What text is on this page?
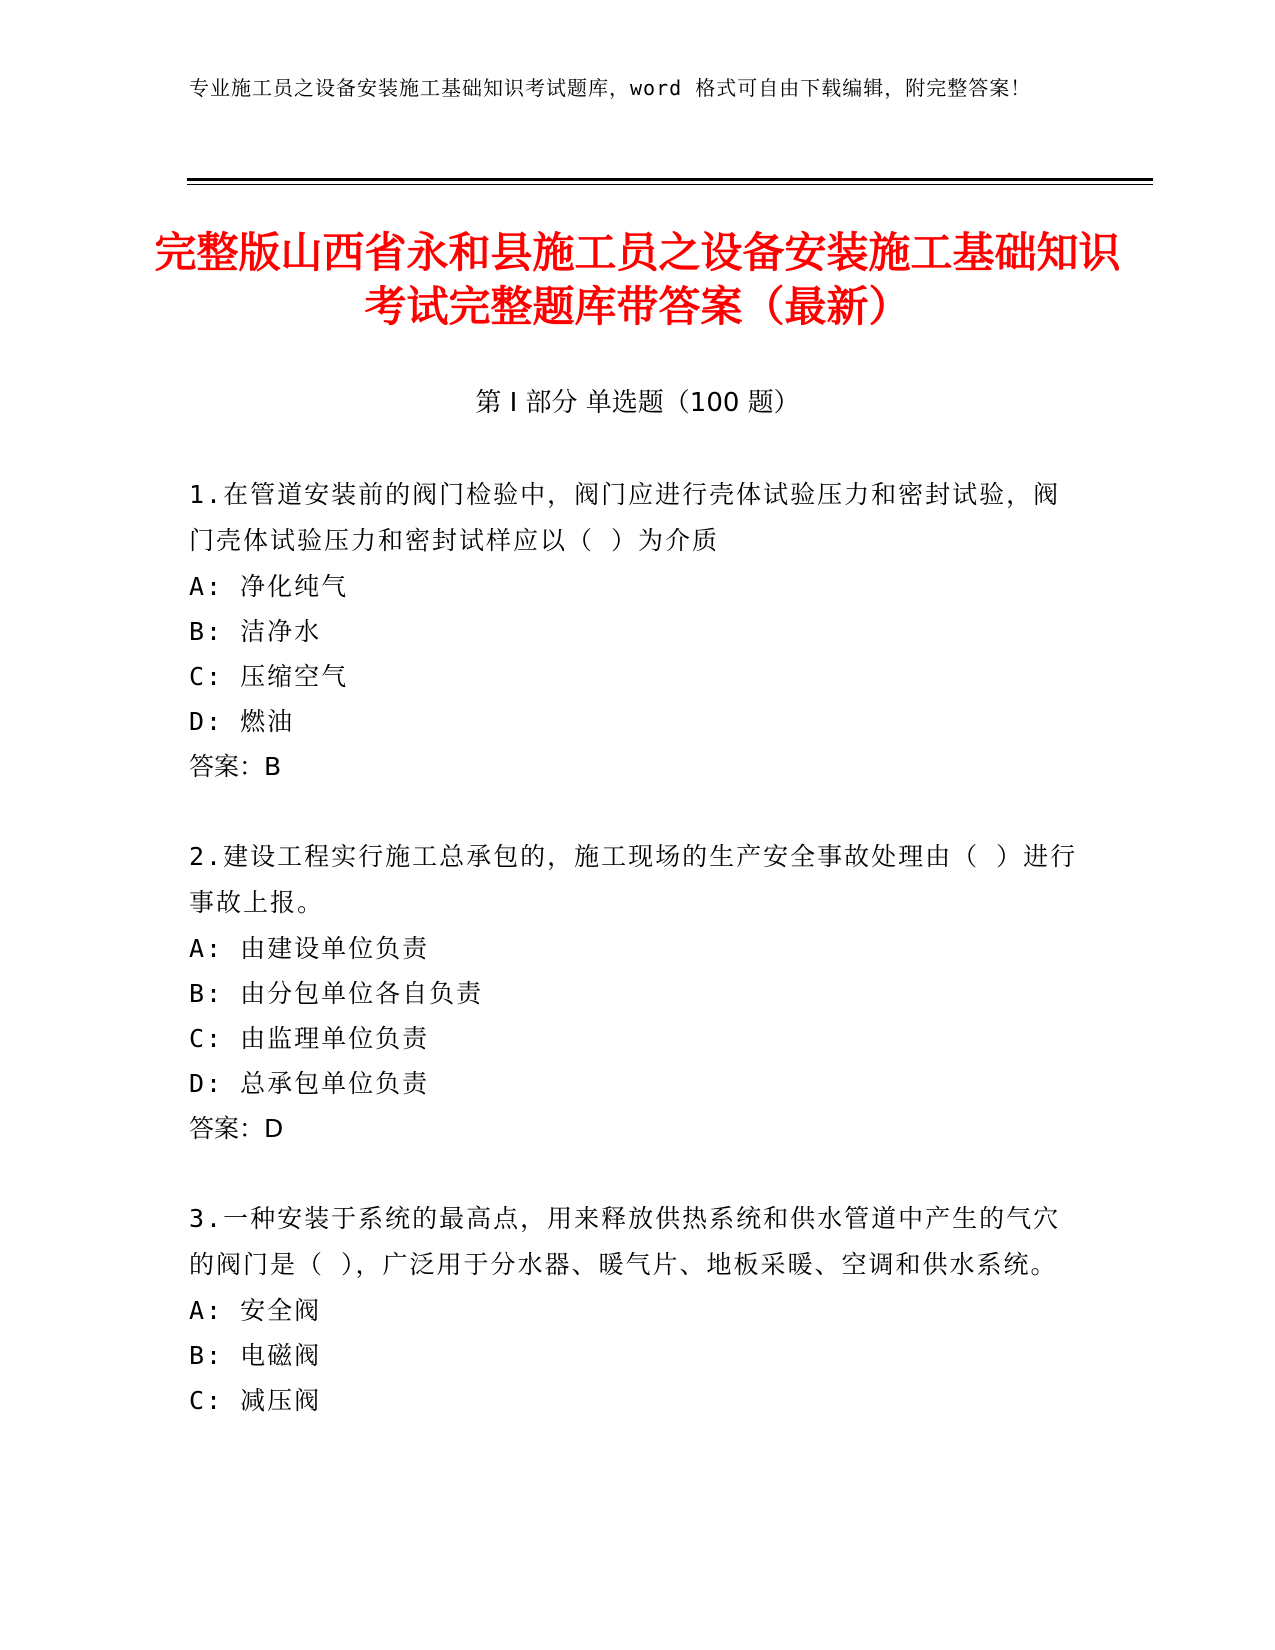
专业施工员之设备安装施工基础知识考试题库，word 格式可自由下载编辑，附完整答案！
完整版山西省永和县施工员之设备安装施工基础知识考试完整题库带答案（最新）
第 I 部分 单选题（100 题）

1.在管道安装前的阀门检验中，阀门应进行壳体试验压力和密封试验，阀门壳体试验压力和密封试样应以（ ）为介质

A: 净化纯气

B: 洁净水

C: 压缩空气

D: 燃油

答案：B

2.建设工程实行施工总承包的，施工现场的生产安全事故处理由（ ）进行事故上报。

A: 由建设单位负责

B: 由分包单位各自负责

C: 由监理单位负责

D: 总承包单位负责

答案：D

3.一种安装于系统的最高点，用来释放供热系统和供水管道中产生的气穴的阀门是（ ），广泛用于分水器、暖气片、地板采暖、空调和供水系统。

A: 安全阀

B: 电磁阀

C: 减压阀
